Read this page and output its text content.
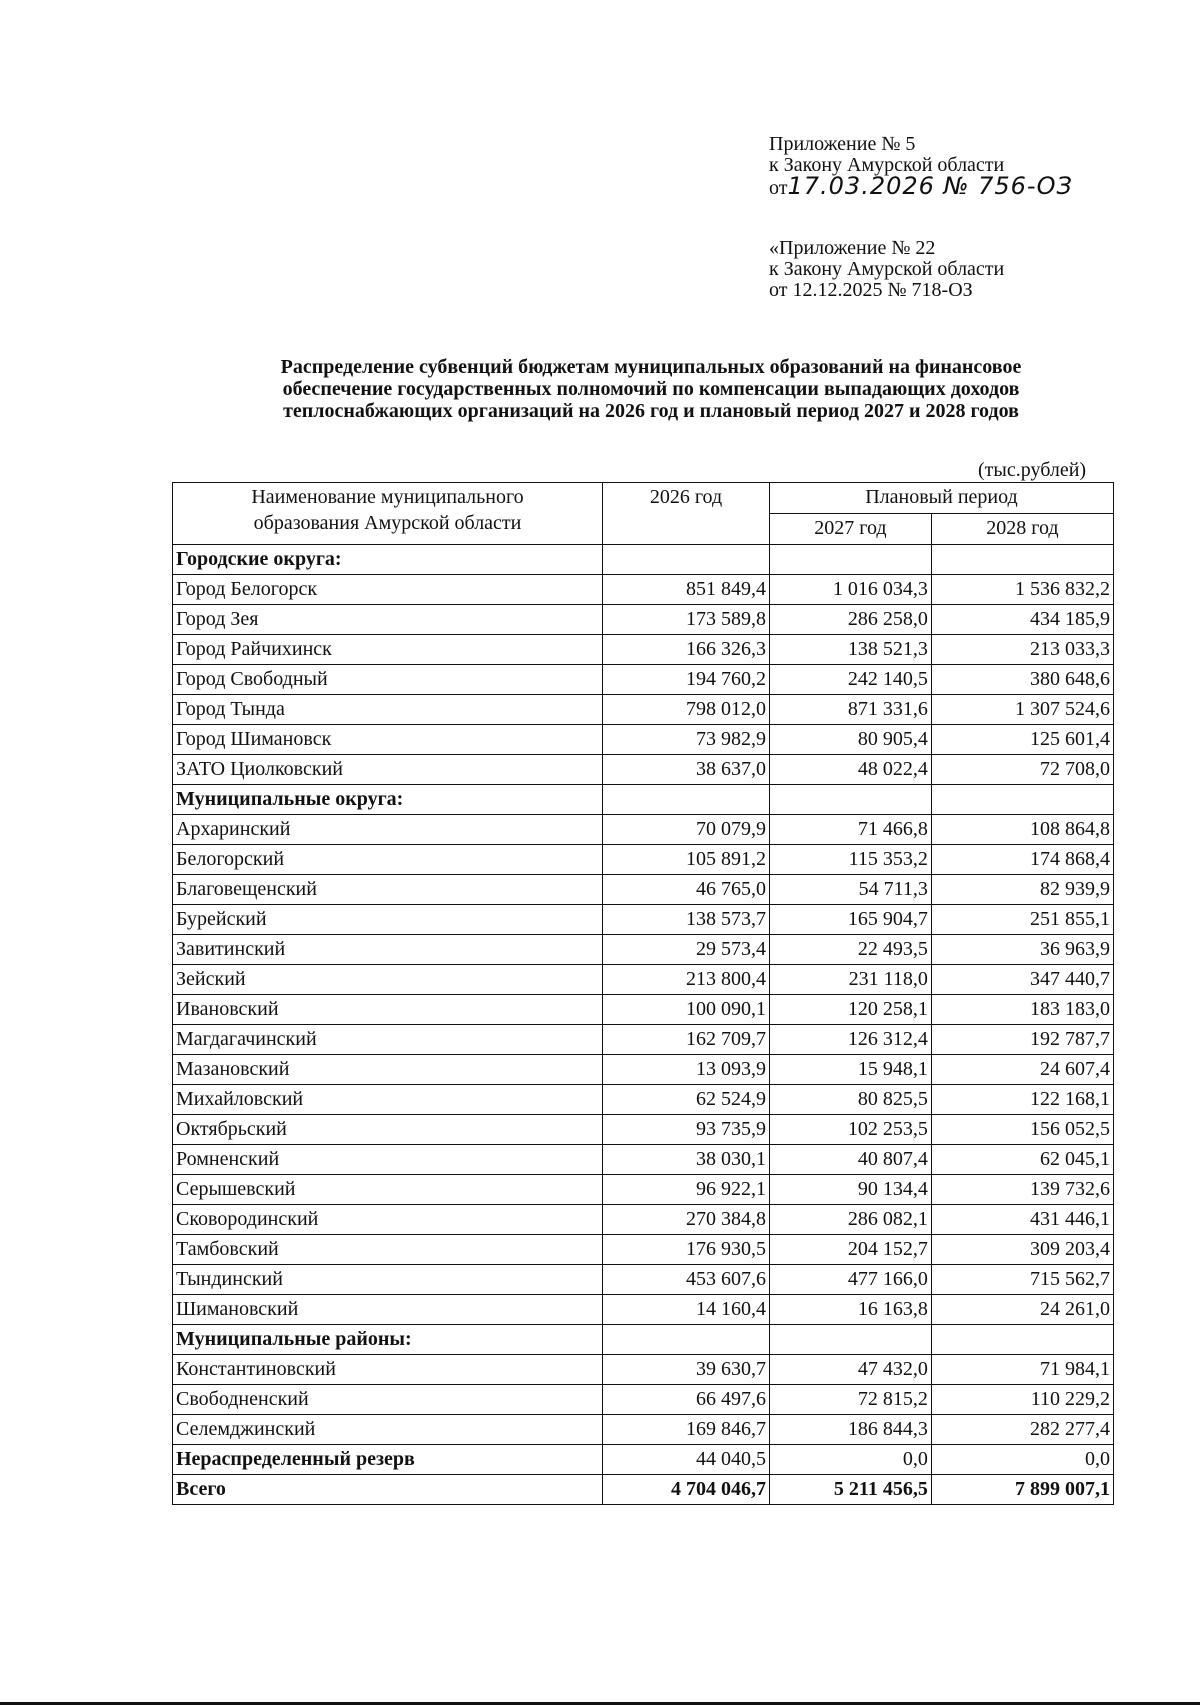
Приложение № 5
к Закону Амурской области
от17.03.2026 № 756-ОЗ
«Приложение № 22
к Закону Амурской области
от 12.12.2025 № 718-ОЗ
Распределение субвенций бюджетам муниципальных образований на финансовое
обеспечение государственных полномочий по компенсации выпадающих доходов
теплоснабжающих организаций на 2026 год и плановый период 2027 и 2028 годов
(тыс.рублей)
Наименование муниципального образования Амурской области	2026 год	Плановый период	
		2027 год	2028 год
Городские округа:			
Город Белогорск	851 849,4	1 016 034,3	1 536 832,2
Город Зея	173 589,8	286 258,0	434 185,9
Город Райчихинск	166 326,3	138 521,3	213 033,3
Город Свободный	194 760,2	242 140,5	380 648,6
Город Тында	798 012,0	871 331,6	1 307 524,6
Город Шимановск	73 982,9	80 905,4	125 601,4
ЗАТО Циолковский	38 637,0	48 022,4	72 708,0
Муниципальные округа:			
Архаринский	70 079,9	71 466,8	108 864,8
Белогорский	105 891,2	115 353,2	174 868,4
Благовещенский	46 765,0	54 711,3	82 939,9
Бурейский	138 573,7	165 904,7	251 855,1
Завитинский	29 573,4	22 493,5	36 963,9
Зейский	213 800,4	231 118,0	347 440,7
Ивановский	100 090,1	120 258,1	183 183,0
Магдагачинский	162 709,7	126 312,4	192 787,7
Мазановский	13 093,9	15 948,1	24 607,4
Михайловский	62 524,9	80 825,5	122 168,1
Октябрьский	93 735,9	102 253,5	156 052,5
Ромненский	38 030,1	40 807,4	62 045,1
Серышевский	96 922,1	90 134,4	139 732,6
Сковородинский	270 384,8	286 082,1	431 446,1
Тамбовский	176 930,5	204 152,7	309 203,4
Тындинский	453 607,6	477 166,0	715 562,7
Шимановский	14 160,4	16 163,8	24 261,0
Муниципальные районы:			
Константиновский	39 630,7	47 432,0	71 984,1
Свободненский	66 497,6	72 815,2	110 229,2
Селемджинский	169 846,7	186 844,3	282 277,4
Нераспределенный резерв	44 040,5	0,0	0,0
Всего	4 704 046,7	5 211 456,5	7 899 007,1
